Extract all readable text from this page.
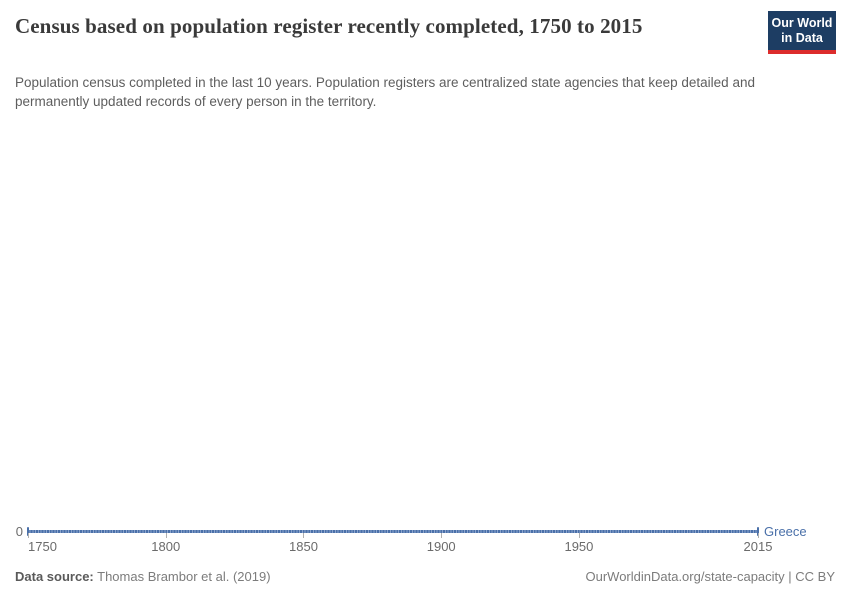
Census based on population register recently completed, 1750 to 2015	Our World
in Data

Population census completed in the last 10 years. Population registers are centralized state agencies that keep detailed and permanently updated records of every person in the territory.

0
1750	1800	1850	1900	1950	2015
Greece
Data source: Thomas Brambor et al. (2019)	OurWorldinData.org/state-capacity | CC BY
